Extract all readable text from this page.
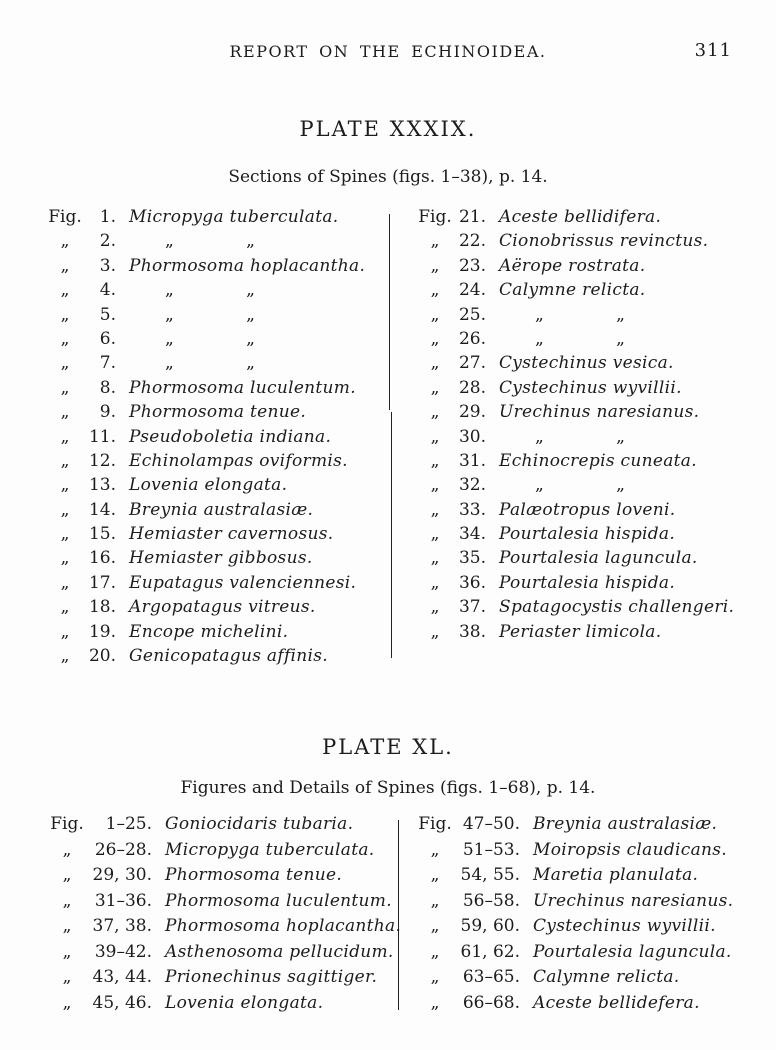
REPORT ON THE ECHINOIDEA.	311
PLATE XXXIX.
Sections of Spines (figs. 1–38), p. 14.
Fig.	1. Micropyga tuberculata.
„	2.	„	„
„	3. Phormosoma hoplacantha.
„	4.	„	„
„	5.	„	„
„	6.	„	„
„	7.	„	„
„	8. Phormosoma luculentum.
„	9. Phormosoma tenue.
„	11. Pseudoboletia indiana.
„	12. Echinolampas oviformis.
„	13. Lovenia elongata.
„	14. Breynia australasiæ.
„	15. Hemiaster cavernosus.
„	16. Hemiaster gibbosus.
„	17. Eupatagus valenciennesi.
„	18. Argopatagus vitreus.
„	19. Encope michelini.
„	20. Genicopatagus affinis.
Fig. 21. Aceste bellidifera.
„	22. Cionobrissus revinctus.
„	23. Aërope rostrata.
„	24. Calymne relicta.
„	25.	„	„
„	26.	„	„
„	27. Cystechinus vesica.
„	28. Cystechinus wyvillii.
„	29. Urechinus naresianus.
„	30.	„	„
„	31. Echinocrepis cuneata.
„	32.	„	„
„	33. Palæotropus loveni.
„	34. Pourtalesia hispida.
„	35. Pourtalesia laguncula.
„	36. Pourtalesia hispida.
„	37. Spatagocystis challengeri.
„	38. Periaster limicola.
PLATE XL.
Figures and Details of Spines (figs. 1–68), p. 14.
Fig.	1–25. Goniocidaris tubaria.
„	26–28. Micropyga tuberculata.
„	29, 30. Phormosoma tenue.
„	31–36. Phormosoma luculentum.
„	37, 38. Phormosoma hoplacantha.
„	39–42. Asthenosoma pellucidum.
„	43, 44. Prionechinus sagittiger.
„	45, 46. Lovenia elongata.
Fig. 47–50. Breynia australasiæ.
„	51–53. Moiropsis claudicans.
„	54, 55. Maretia planulata.
„	56–58. Urechinus naresianus.
„	59, 60. Cystechinus wyvillii.
„	61, 62. Pourtalesia laguncula.
„	63–65. Calymne relicta.
„	66–68. Aceste bellidefera.
